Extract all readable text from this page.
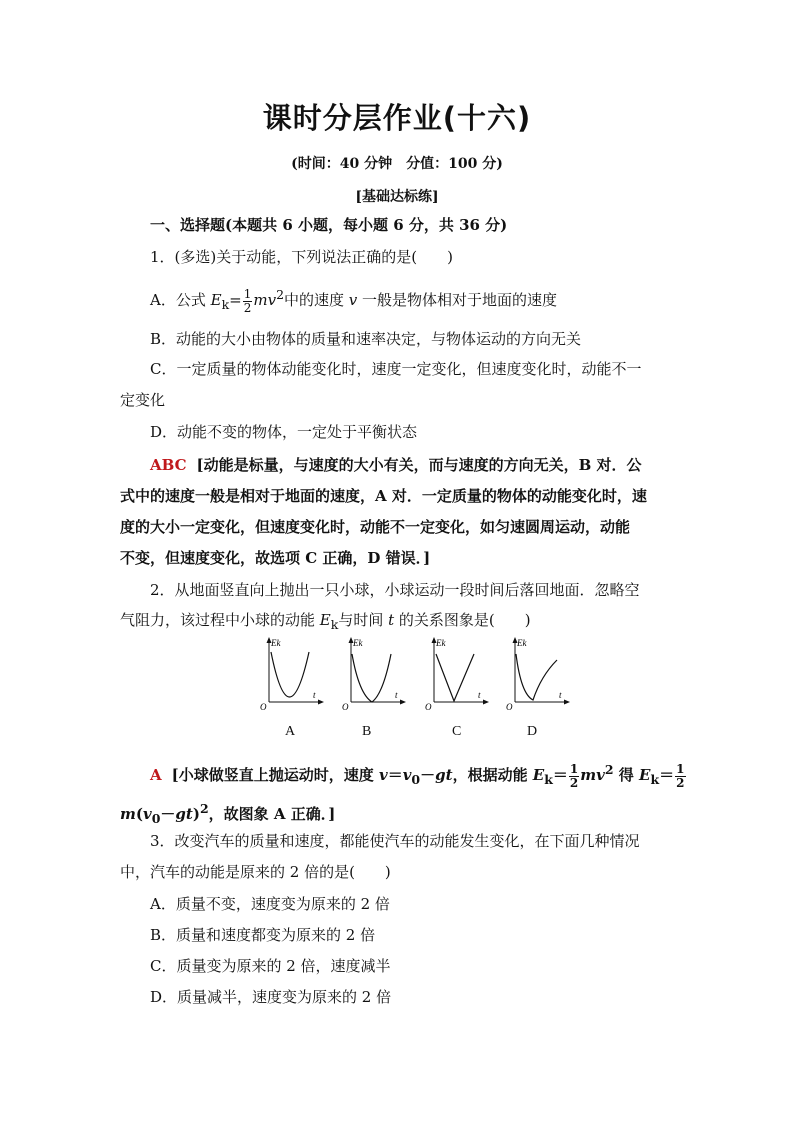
课时分层作业(十六)
(时间：40 分钟　分值：100 分)
[基础达标练]
一、选择题(本题共 6 小题，每小题 6 分，共 36 分)
1．(多选)关于动能，下列说法正确的是(　　)
A．公式 $E_k= \frac{1}{2} mv^2$中的速度 v 一般是物体相对于地面的速度
B．动能的大小由物体的质量和速率决定，与物体运动的方向无关
C．一定质量的物体动能变化时，速度一定变化，但速度变化时，动能不一
定变化
D．动能不变的物体，一定处于平衡状态
ABC [动能是标量，与速度的大小有关，而与速度的方向无关，B 对．公
式中的速度一般是相对于地面的速度，A 对．一定质量的物体的动能变化时，速
度的大小一定变化，但速度变化时，动能不一定变化，如匀速圆周运动，动能
不变，但速度变化，故选项 C 正确，D 错误．]
2．从地面竖直向上抛出一只小球，小球运动一段时间后落回地面．忽略空
气阻力，该过程中小球的动能 $E_k$与时间 t 的关系图象是(　　)
Ek
t
O
Ek
t
O
Ek
t
O
Ek
t
O
A	B	C	D
A [小球做竖直上抛运动时，速度 $v=v_0-gt$，根据动能 $E_k= \frac{1}{2} mv^2$ 得 $E_k= \frac{1}{2}$
$m(v_0-gt)^2$，故图象 A 正确．]
3．改变汽车的质量和速度，都能使汽车的动能发生变化，在下面几种情况
中，汽车的动能是原来的 2 倍的是(　　)
A．质量不变，速度变为原来的 2 倍
B．质量和速度都变为原来的 2 倍
C．质量变为原来的 2 倍，速度减半
D．质量减半，速度变为原来的 2 倍
